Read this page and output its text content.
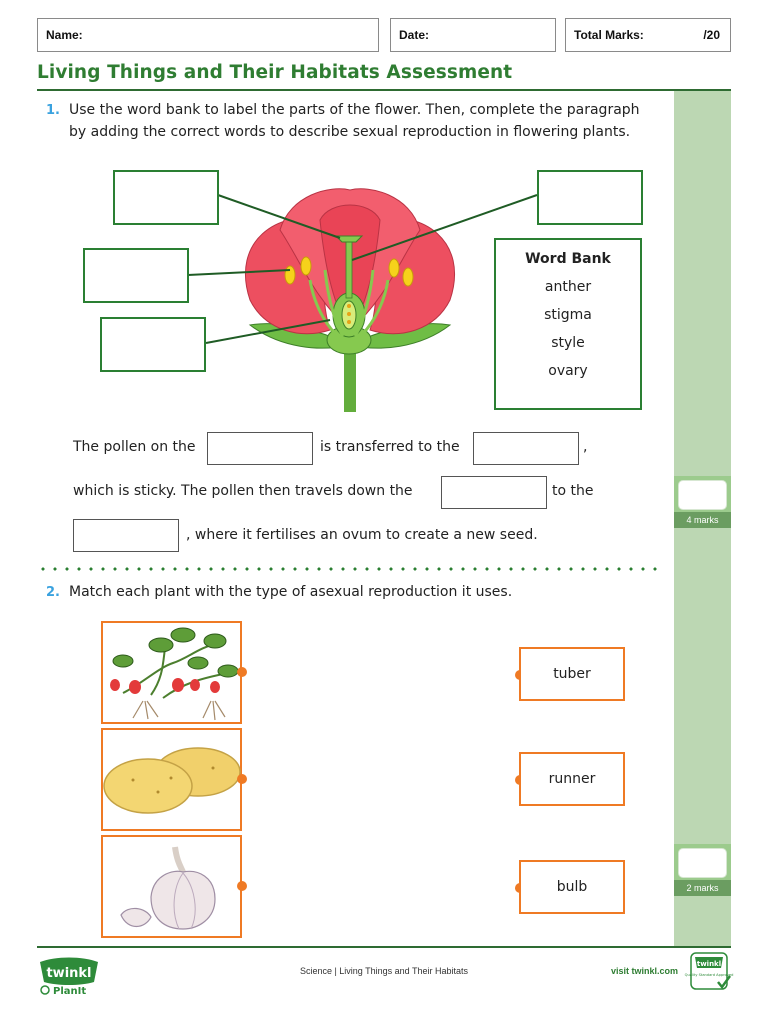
Name:	Date:	Total Marks:	/20
Living Things and Their Habitats Assessment
4 marks
2 marks
1. Use the word bank to label the parts of the flower. Then, complete the paragraph by adding the correct words to describe sexual reproduction in flowering plants.
Word Bank
anther
stigma
style
ovary
The pollen on the	is transferred to the	,
which is sticky. The pollen then travels down the	to the
, where it fertilises an ovum to create a new seed.
2. Match each plant with the type of asexual reproduction it uses.
tuber
runner
bulb
twinkl
PlanIt
Science | Living Things and Their Habitats	visit twinkl.com
twinkl
Quality Standard Approved
